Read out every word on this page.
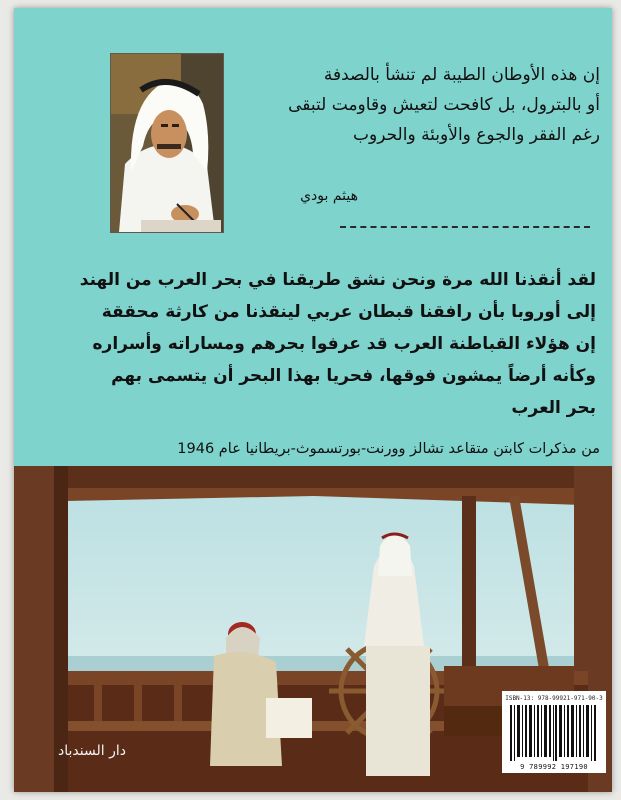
إن هذه الأوطان الطيبة لم تنشأ بالصدفة
أو بالبترول، بل كافحت لتعيش وقاومت لتبقى
رغم الفقر والجوع والأوبئة والحروب
هيثم بودي
لقد أنقذنا الله مرة ونحن نشق طريقنا في بحر العرب من الهند
إلى أوروبا بأن رافقنا قبطان عربي لينقذنا من كارثة محققة
إن هؤلاء القباطنة العرب قد عرفوا بحرهم ومساراته وأسراره
وكأنه أرضاً يمشون فوقها، فحريا بهذا البحر أن يتسمى بهم
بحر العرب
من مذكرات كابتن متقاعد تشالز وورنت-بورتسموث-بريطانيا عام 1946
دار السندباد
ISBN-13: 978-99921-971-90-3
9 789992 197190
